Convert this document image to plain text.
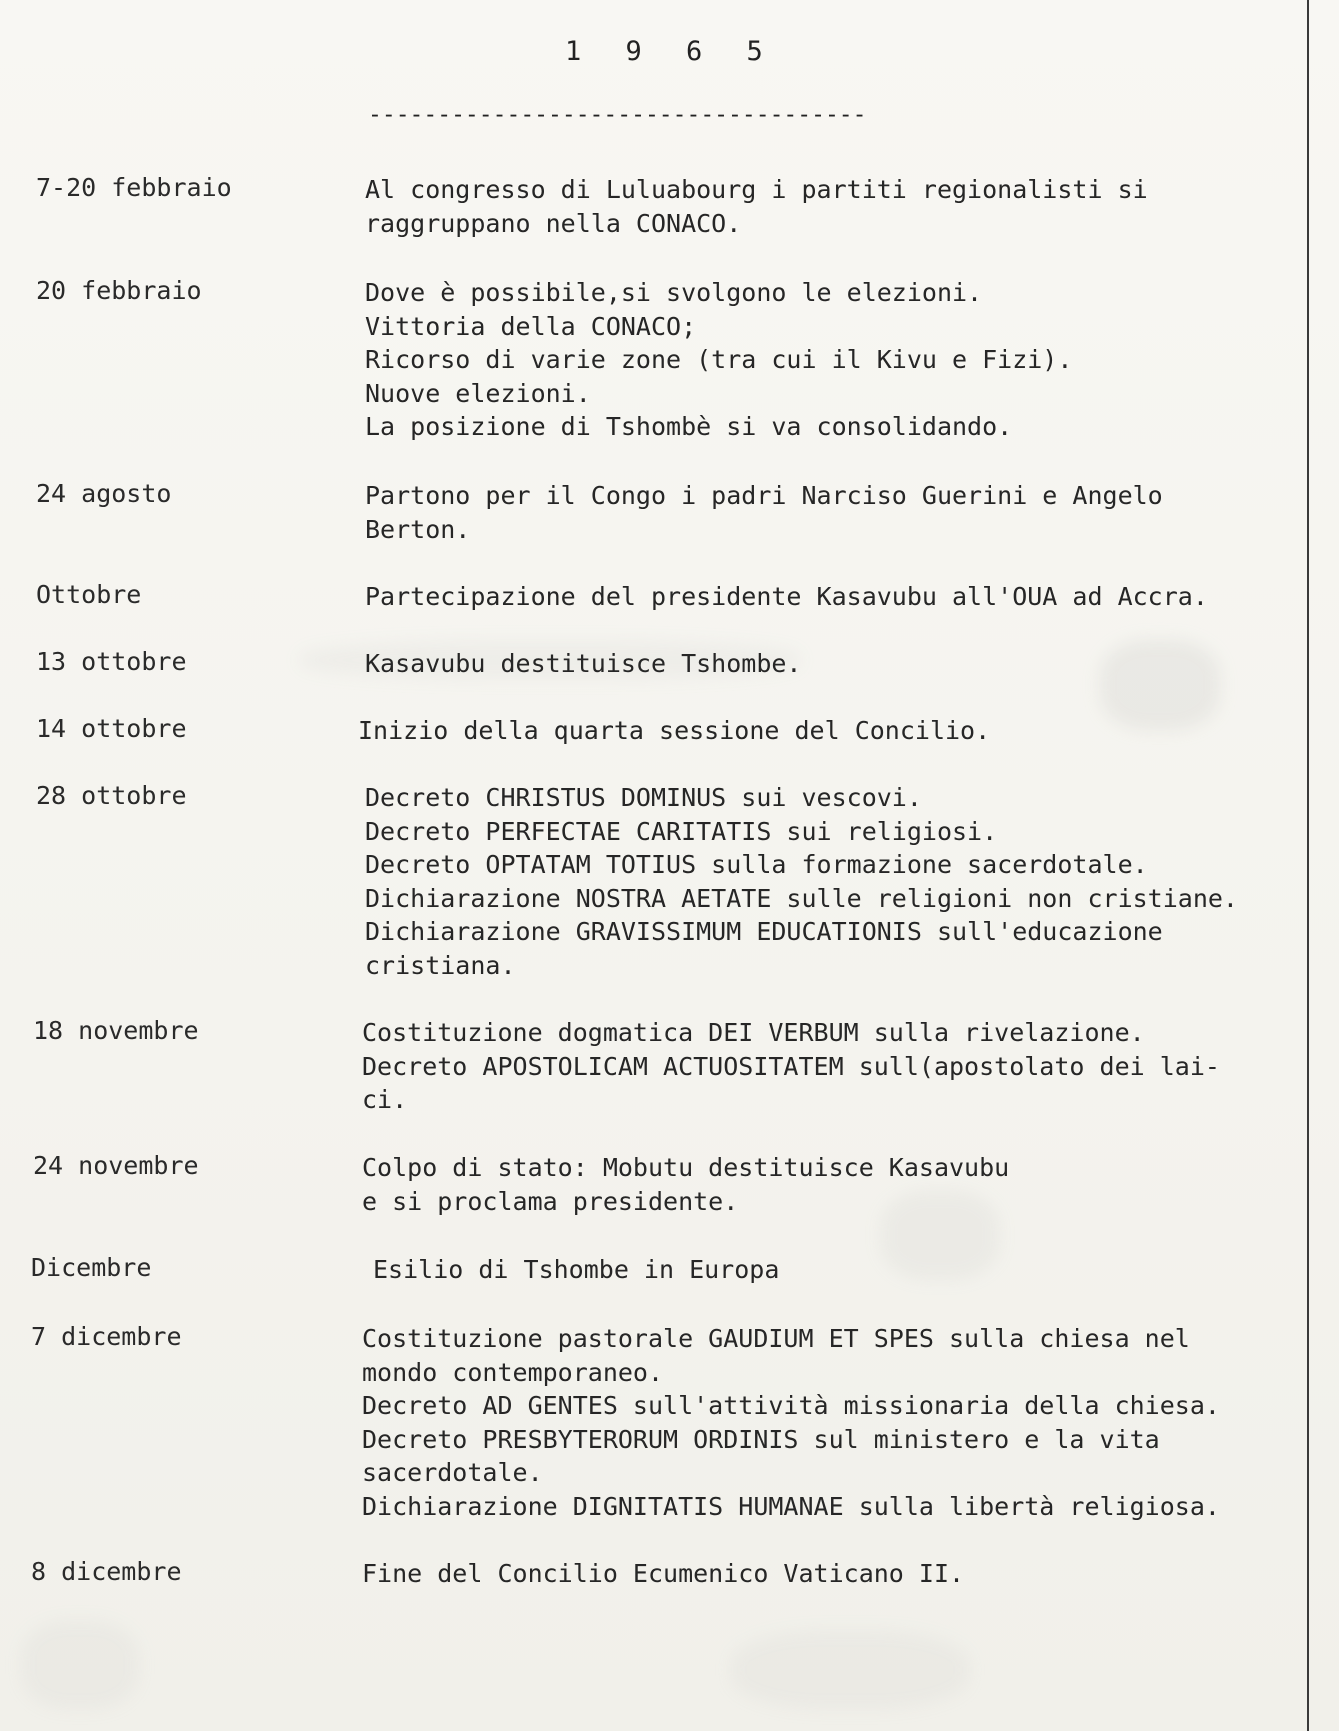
1 9 6 5
------------------------------------
7-20 febbraio	Al congresso di Luluabourg i partiti regionalisti si
raggruppano nella CONACO.
20 febbraio	Dove è possibile,si svolgono le elezioni.
Vittoria della CONACO;
Ricorso di varie zone (tra cui il Kivu e Fizi).
Nuove elezioni.
La posizione di Tshombè si va consolidando.
24 agosto	Partono per il Congo i padri Narciso Guerini e Angelo
Berton.
Ottobre	Partecipazione del presidente Kasavubu all'OUA ad Accra.
13 ottobre	Kasavubu destituisce Tshombe.
14 ottobre	Inizio della quarta sessione del Concilio.
28 ottobre	Decreto CHRISTUS DOMINUS sui vescovi.
Decreto PERFECTAE CARITATIS sui religiosi.
Decreto OPTATAM TOTIUS sulla formazione sacerdotale.
Dichiarazione NOSTRA AETATE sulle religioni non cristiane.
Dichiarazione GRAVISSIMUM EDUCATIONIS sull'educazione
cristiana.
18 novembre	Costituzione dogmatica DEI VERBUM sulla rivelazione.
Decreto APOSTOLICAM ACTUOSITATEM sull(apostolato dei lai-
ci.
24 novembre	Colpo di stato: Mobutu destituisce Kasavubu
e si proclama presidente.
Dicembre	Esilio di Tshombe in Europa
7 dicembre	Costituzione pastorale GAUDIUM ET SPES sulla chiesa nel
mondo contemporaneo.
Decreto AD GENTES sull'attività missionaria della chiesa.
Decreto PRESBYTERORUM ORDINIS sul ministero e la vita
sacerdotale.
Dichiarazione DIGNITATIS HUMANAE sulla libertà religiosa.
8 dicembre	Fine del Concilio Ecumenico Vaticano II.
